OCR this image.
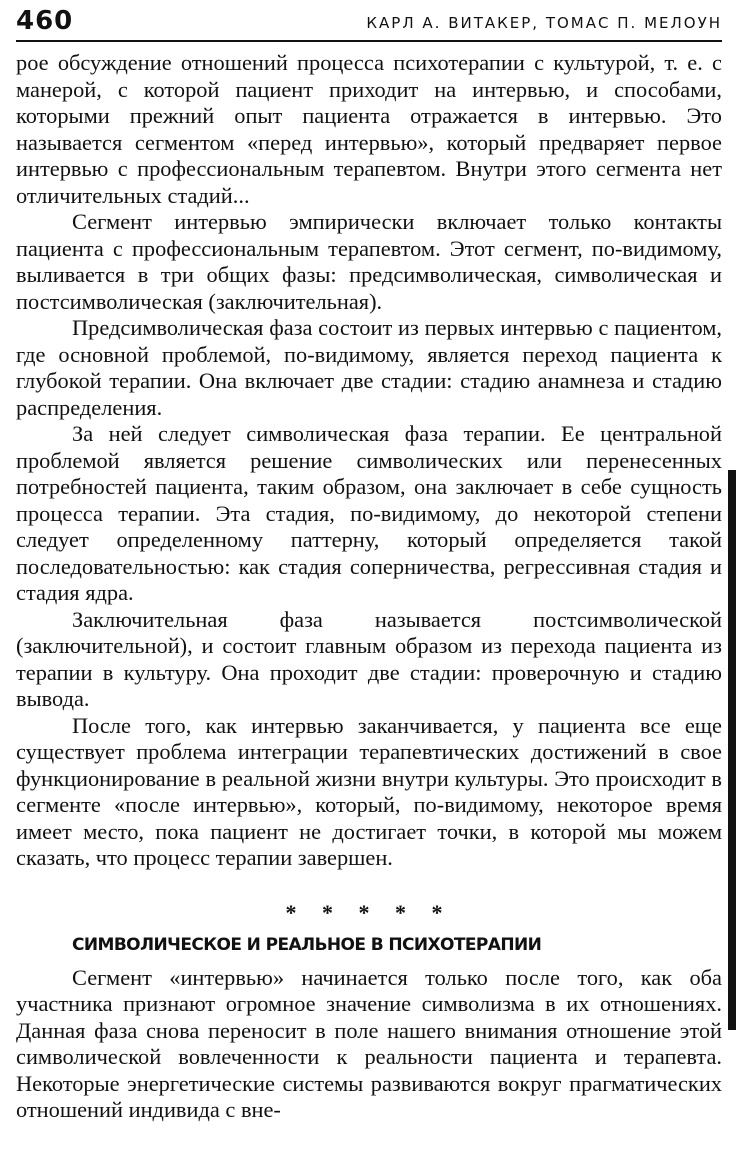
460	КАРЛ А. ВИТАКЕР, ТОМАС П. МЕЛОУН

рое обсуждение отношений процесса психотерапии с культурой, т. е. с манерой, с которой пациент приходит на интервью, и способами, которыми прежний опыт пациента отражается в интервью. Это называется сегментом «перед интервью», который предваряет первое интервью с профессиональным терапевтом. Внутри этого сегмента нет отличительных стадий...

Сегмент интервью эмпирически включает только контакты пациента с профессиональным терапевтом. Этот сегмент, по-видимому, выливается в три общих фазы: предсимволическая, символическая и постсимволическая (заключительная).

Предсимволическая фаза состоит из первых интервью с пациентом, где основной проблемой, по-видимому, является переход пациента к глубокой терапии. Она включает две стадии: стадию анамнеза и стадию распределения.

За ней следует символическая фаза терапии. Ее центральной проблемой является решение символических или перенесенных потребностей пациента, таким образом, она заключает в себе сущность процесса терапии. Эта стадия, по-видимому, до некоторой степени следует определенному паттерну, который определяется такой последовательностью: как стадия соперничества, регрессивная стадия и стадия ядра.

Заключительная фаза называется постсимволической (заключительной), и состоит главным образом из перехода пациента из терапии в культуру. Она проходит две стадии: проверочную и стадию вывода.

После того, как интервью заканчивается, у пациента все еще существует проблема интеграции терапевтических достижений в свое функционирование в реальной жизни внутри культуры. Это происходит в сегменте «после интервью», который, по-видимому, некоторое время имеет место, пока пациент не достигает точки, в которой мы можем сказать, что процесс терапии завершен.

* * * * *
СИМВОЛИЧЕСКОЕ И РЕАЛЬНОЕ В ПСИХОТЕРАПИИ

Сегмент «интервью» начинается только после того, как оба участника признают огромное значение символизма в их отношениях. Данная фаза снова переносит в поле нашего внимания отношение этой символической вовлеченности к реальности пациента и терапевта. Некоторые энергетические системы развиваются вокруг прагматических отношений индивида с вне-
